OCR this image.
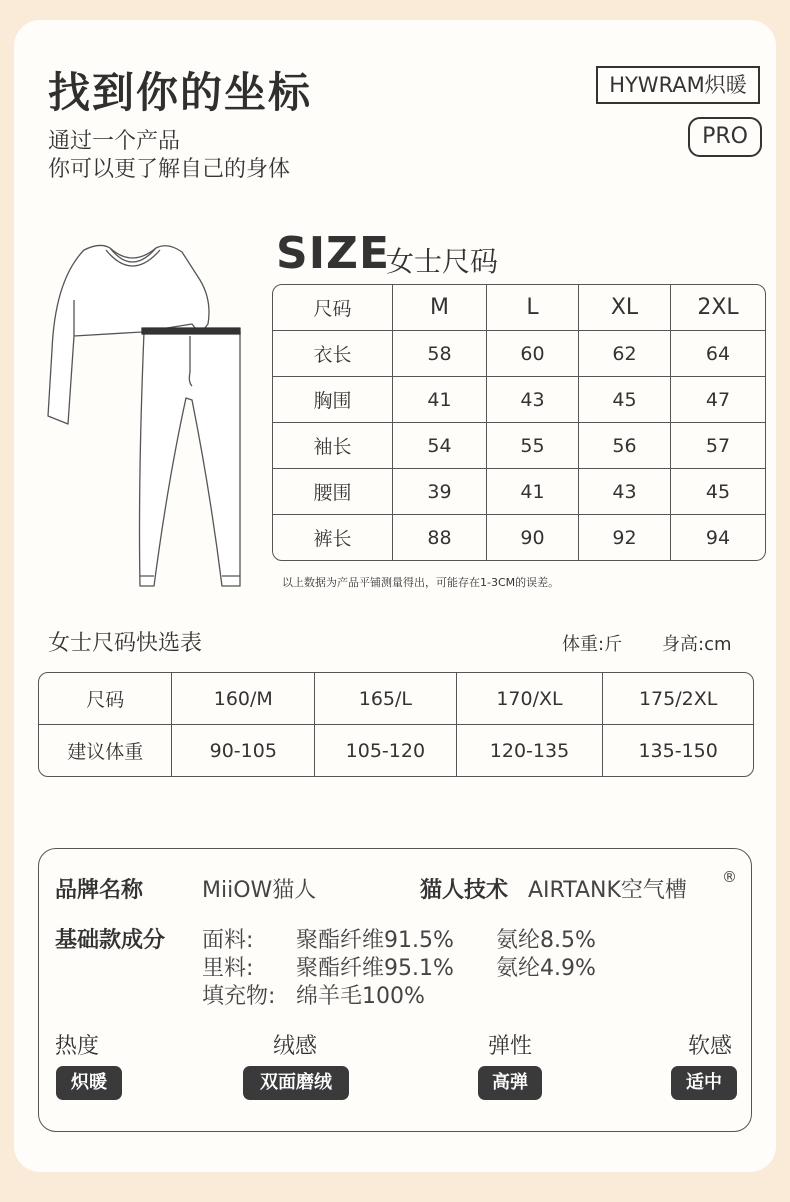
找到你的坐标
通过一个产品
你可以更了解自己的身体
HYWRAM炽暖
PRO
SIZE
女士尺码
尺码	M	L	XL	2XL
衣长	58	60	62	64
胸围	41	43	45	47
袖长	54	55	56	57
腰围	39	41	43	45
裤长	88	90	92	94
以上数据为产品平铺测量得出，可能存在1-3CM的误差。
女士尺码快选表	体重:斤 身高:cm
尺码	160/M	165/L	170/XL	175/2XL
建议体重	90-105	105-120	120-135	135-150
品牌名称	MiiOW猫人	猫人技术 AIRTANK空气槽
®
基础款成分 面料: 聚酯纤维91.5% 氨纶8.5%
里料: 聚酯纤维95.1% 氨纶4.9%
填充物: 绵羊毛100%
热度	绒感	弹性	软感
炽暖	双面磨绒	高弹	适中
